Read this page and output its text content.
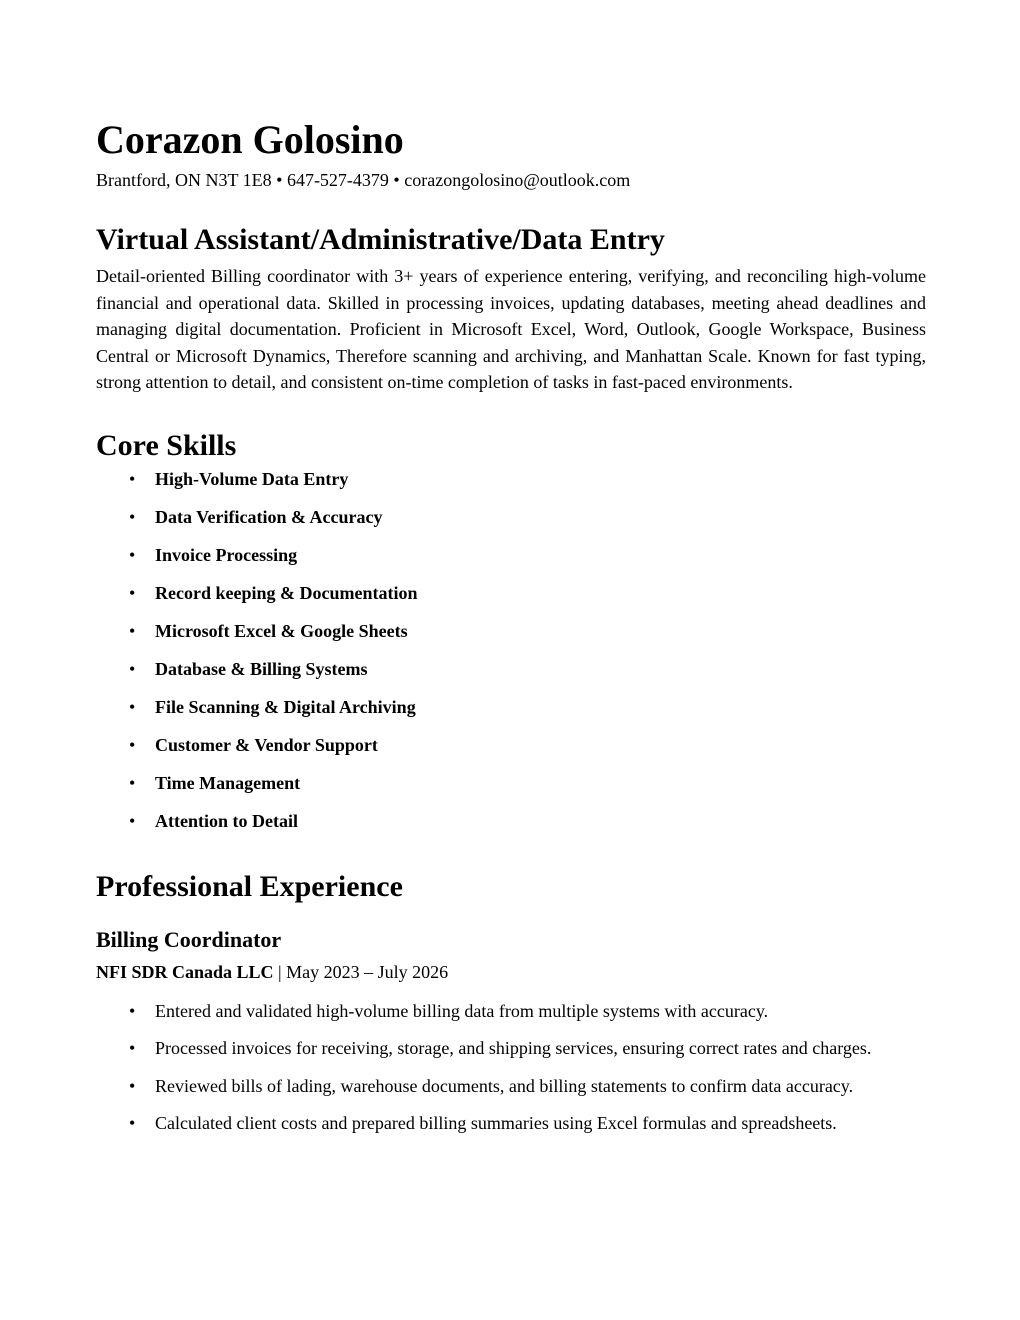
Corazon Golosino

Brantford, ON N3T 1E8 • 647-527-4379 • corazongolosino@outlook.com

Virtual Assistant/Administrative/Data Entry

Detail-oriented Billing coordinator with 3+ years of experience entering, verifying, and reconciling high-volume financial and operational data. Skilled in processing invoices, updating databases, meeting ahead deadlines and managing digital documentation. Proficient in Microsoft Excel, Word, Outlook, Google Workspace, Business Central or Microsoft Dynamics, Therefore scanning and archiving, and Manhattan Scale. Known for fast typing, strong attention to detail, and consistent on-time completion of tasks in fast-paced environments.

Core Skills
• High-Volume Data Entry
• Data Verification & Accuracy
• Invoice Processing
• Record keeping & Documentation
• Microsoft Excel & Google Sheets
• Database & Billing Systems
• File Scanning & Digital Archiving
• Customer & Vendor Support
• Time Management
• Attention to Detail
Professional Experience
Billing Coordinator

NFI SDR Canada LLC | May 2023 – July 2026

• Entered and validated high-volume billing data from multiple systems with accuracy.
• Processed invoices for receiving, storage, and shipping services, ensuring correct rates and charges.
• Reviewed bills of lading, warehouse documents, and billing statements to confirm data accuracy.
• Calculated client costs and prepared billing summaries using Excel formulas and spreadsheets.
